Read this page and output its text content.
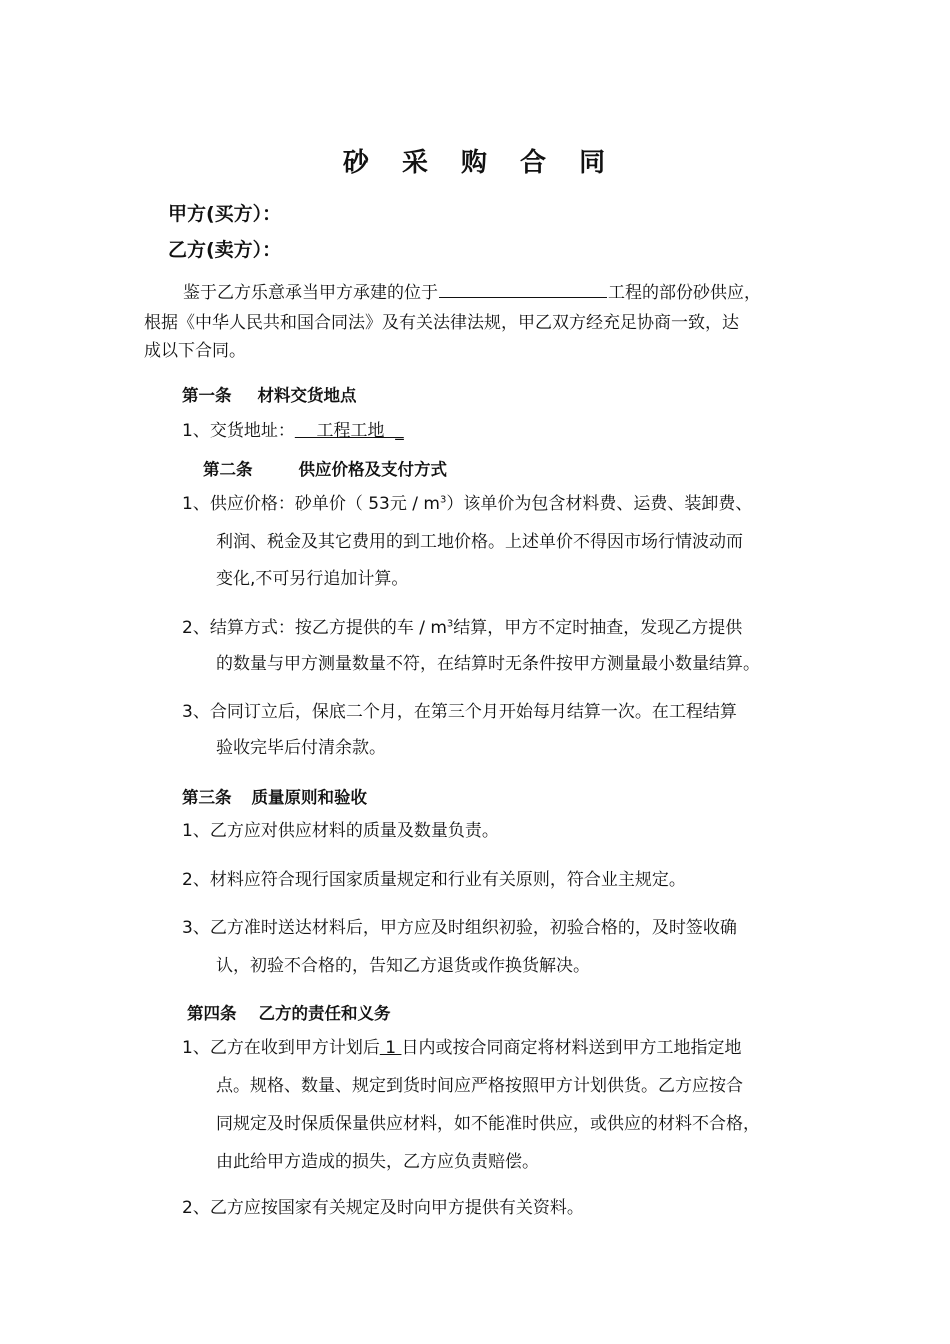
砂 采 购 合 同
甲方(买方）：
乙方(卖方）：
鉴于乙方乐意承当甲方承建的位于	工程的部份砂供应，
根据《中华人民共和国合同法》及有关法律法规，甲乙双方经充足协商一致，达
成以下合同。
第一条 材料交货地点
1、交货地址：    工程工地  _
第二条	供应价格及支付方式
1、供应价格：砂单价（ 53元 / $m^3$）该单价为包含材料费、运费、装卸费、
利润、税金及其它费用的到工地价格。上述单价不得因市场行情波动而
变化,不可另行追加计算。
2、结算方式：按乙方提供的车 / $m^3$结算，甲方不定时抽查，发现乙方提供
的数量与甲方测量数量不符，在结算时无条件按甲方测量最小数量结算。
3、合同订立后，保底二个月，在第三个月开始每月结算一次。在工程结算
验收完毕后付清余款。
第三条 质量原则和验收
1、乙方应对供应材料的质量及数量负责。
2、材料应符合现行国家质量规定和行业有关原则，符合业主规定。
3、乙方准时送达材料后，甲方应及时组织初验，初验合格的，及时签收确
认，初验不合格的，告知乙方退货或作换货解决。
第四条 乙方的责任和义务
1、乙方在收到甲方计划后 1 日内或按合同商定将材料送到甲方工地指定地
点。规格、数量、规定到货时间应严格按照甲方计划供货。乙方应按合
同规定及时保质保量供应材料，如不能准时供应，或供应的材料不合格，
由此给甲方造成的损失，乙方应负责赔偿。
2、乙方应按国家有关规定及时向甲方提供有关资料。
